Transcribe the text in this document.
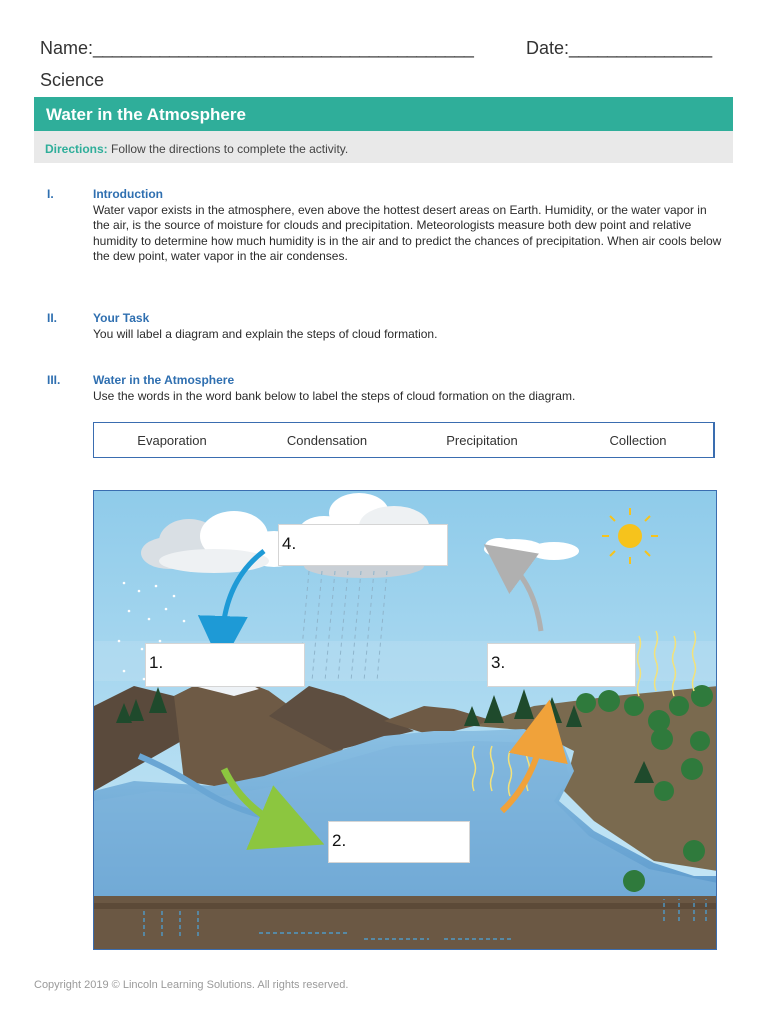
Name:________________________________________	Date:_______________
Science
Water in the Atmosphere
Directions: Follow the directions to complete the activity.
I.	Introduction
Water vapor exists in the atmosphere, even above the hottest desert areas on Earth. Humidity, or the water vapor in the air, is the source of moisture for clouds and precipitation. Meteorologists measure both dew point and relative humidity to determine how much humidity is in the air and to predict the chances of precipitation. When air cools below the dew point, water vapor in the air condenses.
II.	Your Task
You will label a diagram and explain the steps of cloud formation.
III.	Water in the Atmosphere
Use the words in the word bank below to label the steps of cloud formation on the diagram.
Evaporation	Condensation	Precipitation	Collection
1.
2.
3.
4.
Copyright 2019 © Lincoln Learning Solutions. All rights reserved.
